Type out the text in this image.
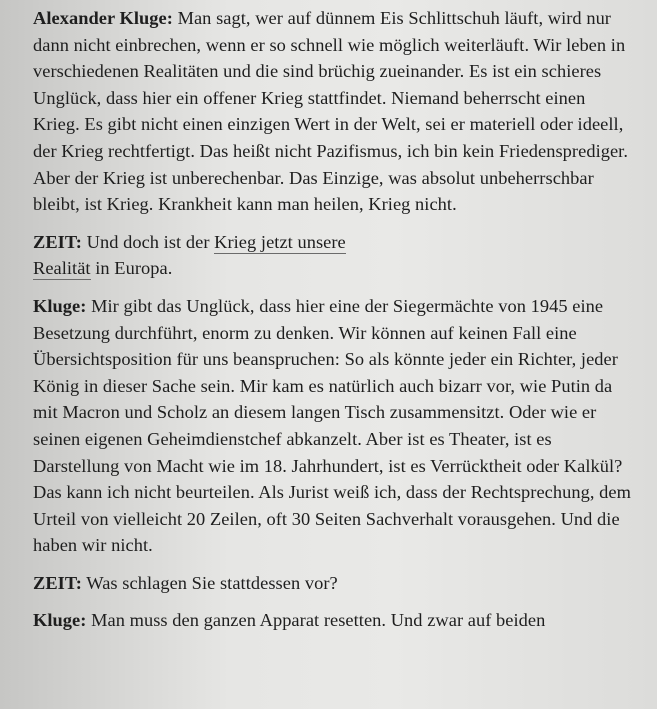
Alexander Kluge: Man sagt, wer auf dünnem Eis Schlittschuh läuft, wird nur dann nicht einbrechen, wenn er so schnell wie möglich weiterläuft. Wir leben in verschiedenen Realitäten und die sind brüchig zueinander. Es ist ein schieres Unglück, dass hier ein offener Krieg stattfindet. Niemand beherrscht einen Krieg. Es gibt nicht einen einzigen Wert in der Welt, sei er materiell oder ideell, der Krieg rechtfertigt. Das heißt nicht Pazifismus, ich bin kein Friedensprediger. Aber der Krieg ist unberechenbar. Das Einzige, was absolut unbeherrschbar bleibt, ist Krieg. Krankheit kann man heilen, Krieg nicht.

ZEIT: Und doch ist der Krieg jetzt unsere Realität in Europa.

Kluge: Mir gibt das Unglück, dass hier eine der Siegermächte von 1945 eine Besetzung durchführt, enorm zu denken. Wir können auf keinen Fall eine Übersichtsposition für uns beanspruchen: So als könnte jeder ein Richter, jeder König in dieser Sache sein. Mir kam es natürlich auch bizarr vor, wie Putin da mit Macron und Scholz an diesem langen Tisch zusammensitzt. Oder wie er seinen eigenen Geheimdienstchef abkanzelt. Aber ist es Theater, ist es Darstellung von Macht wie im 18. Jahrhundert, ist es Verrücktheit oder Kalkül? Das kann ich nicht beurteilen. Als Jurist weiß ich, dass der Rechtsprechung, dem Urteil von vielleicht 20 Zeilen, oft 30 Seiten Sachverhalt vorausgehen. Und die haben wir nicht.

ZEIT: Was schlagen Sie stattdessen vor?

Kluge: Man muss den ganzen Apparat resetten. Und zwar auf beiden
